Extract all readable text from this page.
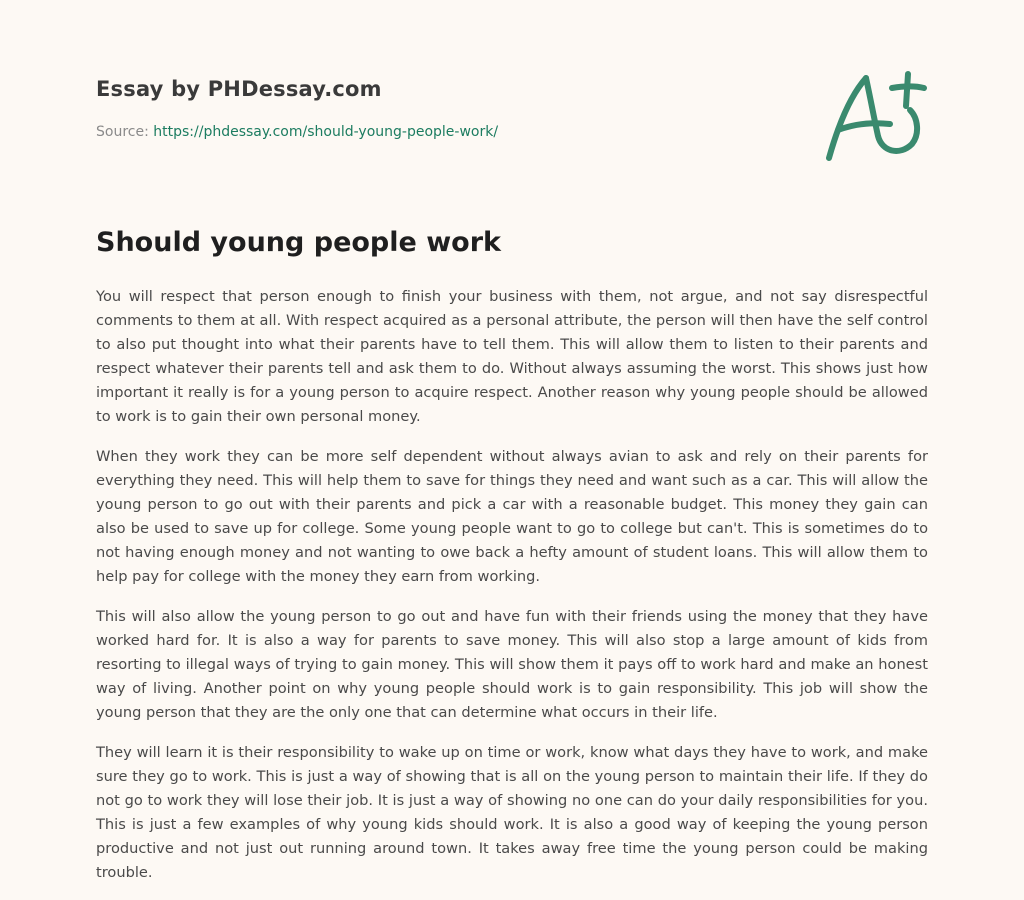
Essay by PHDessay.com
Source: https://phdessay.com/should-young-people-work/
Should young people work

You will respect that person enough to finish your business with them, not argue, and not say disrespectful comments to them at all. With respect acquired as a personal attribute, the person will then have the self control to also put thought into what their parents have to tell them. This will allow them to listen to their parents and respect whatever their parents tell and ask them to do. Without always assuming the worst. This shows just how important it really is for a young person to acquire respect. Another reason why young people should be allowed to work is to gain their own personal money.

When they work they can be more self dependent without always avian to ask and rely on their parents for everything they need. This will help them to save for things they need and want such as a car. This will allow the young person to go out with their parents and pick a car with a reasonable budget. This money they gain can also be used to save up for college. Some young people want to go to college but can't. This is sometimes do to not having enough money and not wanting to owe back a hefty amount of student loans. This will allow them to help pay for college with the money they earn from working.

This will also allow the young person to go out and have fun with their friends using the money that they have worked hard for. It is also a way for parents to save money. This will also stop a large amount of kids from resorting to illegal ways of trying to gain money. This will show them it pays off to work hard and make an honest way of living. Another point on why young people should work is to gain responsibility. This job will show the young person that they are the only one that can determine what occurs in their life.

They will learn it is their responsibility to wake up on time or work, know what days they have to work, and make sure they go to work. This is just a way of showing that is all on the young person to maintain their life. If they do not go to work they will lose their job. It is just a way of showing no one can do your daily responsibilities for you. This is just a few examples of why young kids should work. It is also a good way of keeping the young person productive and not just out running around town. It takes away free time the young person could be making trouble.
